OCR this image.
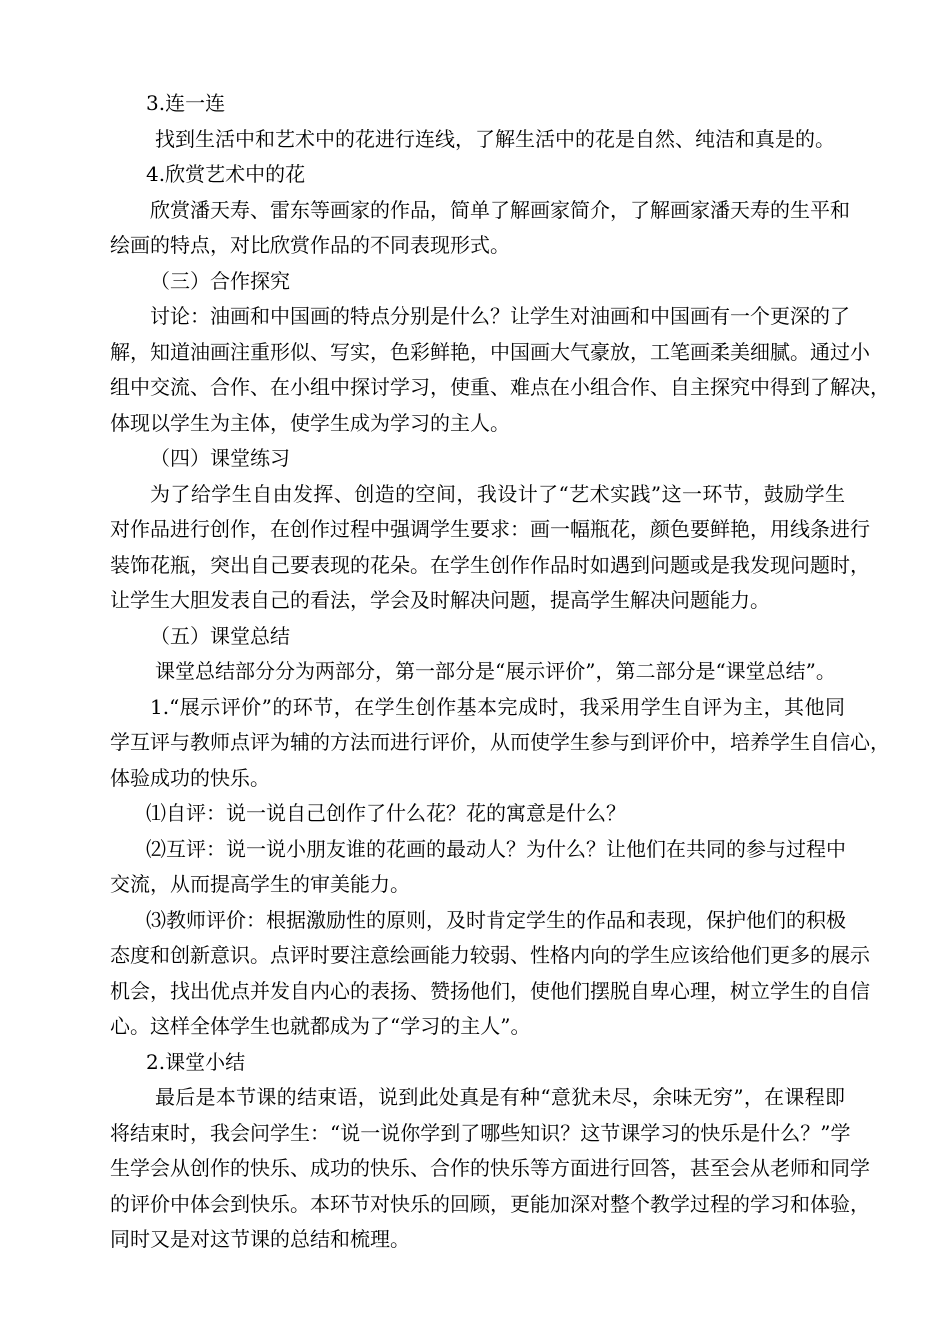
3.连一连
找到生活中和艺术中的花进行连线，了解生活中的花是自然、纯洁和真是的。
4.欣赏艺术中的花
欣赏潘天寿、雷东等画家的作品，简单了解画家简介，了解画家潘天寿的生平和
绘画的特点，对比欣赏作品的不同表现形式。
（三）合作探究
讨论：油画和中国画的特点分别是什么？让学生对油画和中国画有一个更深的了
解，知道油画注重形似、写实，色彩鲜艳，中国画大气豪放，工笔画柔美细腻。通过小
组中交流、合作、在小组中探讨学习，使重、难点在小组合作、自主探究中得到了解决，
体现以学生为主体，使学生成为学习的主人。
（四）课堂练习
为了给学生自由发挥、创造的空间，我设计了“艺术实践”这一环节，鼓励学生
对作品进行创作，在创作过程中强调学生要求：画一幅瓶花，颜色要鲜艳，用线条进行
装饰花瓶，突出自己要表现的花朵。在学生创作作品时如遇到问题或是我发现问题时，
让学生大胆发表自己的看法，学会及时解决问题，提高学生解决问题能力。
（五）课堂总结
课堂总结部分分为两部分，第一部分是“展示评价”，第二部分是“课堂总结”。
1.“展示评价”的环节，在学生创作基本完成时，我采用学生自评为主，其他同
学互评与教师点评为辅的方法而进行评价，从而使学生参与到评价中，培养学生自信心，
体验成功的快乐。
⑴自评：说一说自己创作了什么花？花的寓意是什么？
⑵互评：说一说小朋友谁的花画的最动人？为什么？让他们在共同的参与过程中
交流，从而提高学生的审美能力。
⑶教师评价：根据激励性的原则，及时肯定学生的作品和表现，保护他们的积极
态度和创新意识。点评时要注意绘画能力较弱、性格内向的学生应该给他们更多的展示
机会，找出优点并发自内心的表扬、赞扬他们，使他们摆脱自卑心理，树立学生的自信
心。这样全体学生也就都成为了“学习的主人”。
2.课堂小结
最后是本节课的结束语，说到此处真是有种“意犹未尽，余味无穷”，在课程即
将结束时，我会问学生：“说一说你学到了哪些知识？这节课学习的快乐是什么？”学
生学会从创作的快乐、成功的快乐、合作的快乐等方面进行回答，甚至会从老师和同学
的评价中体会到快乐。本环节对快乐的回顾，更能加深对整个教学过程的学习和体验，
同时又是对这节课的总结和梳理。
